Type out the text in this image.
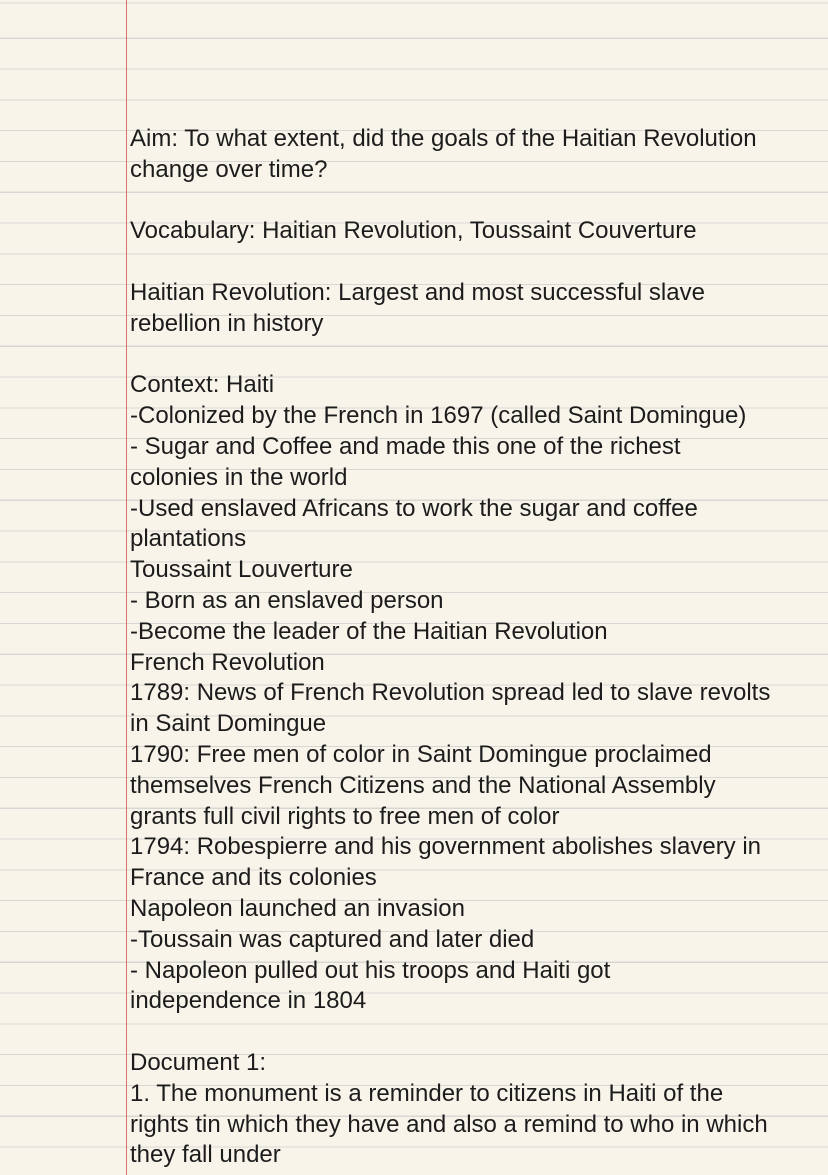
Aim: To what extent, did the goals of the Haitian Revolution
change over time?
Vocabulary: Haitian Revolution, Toussaint Couverture
Haitian Revolution: Largest and most successful slave
rebellion in history
Context: Haiti
-Colonized by the French in 1697 (called Saint Domingue)
- Sugar and Coffee and made this one of the richest
colonies in the world
-Used enslaved Africans to work the sugar and coffee
plantations
Toussaint Louverture
- Born as an enslaved person
-Become the leader of the Haitian Revolution
French Revolution
1789: News of French Revolution spread led to slave revolts
in Saint Domingue
1790: Free men of color in Saint Domingue proclaimed
themselves French Citizens and the National Assembly
grants full civil rights to free men of color
1794: Robespierre and his government abolishes slavery in
France and its colonies
Napoleon launched an invasion
-Toussain was captured and later died
- Napoleon pulled out his troops and Haiti got
independence in 1804
Document 1:
1. The monument is a reminder to citizens in Haiti of the
rights tin which they have and also a remind to who in which
they fall under
